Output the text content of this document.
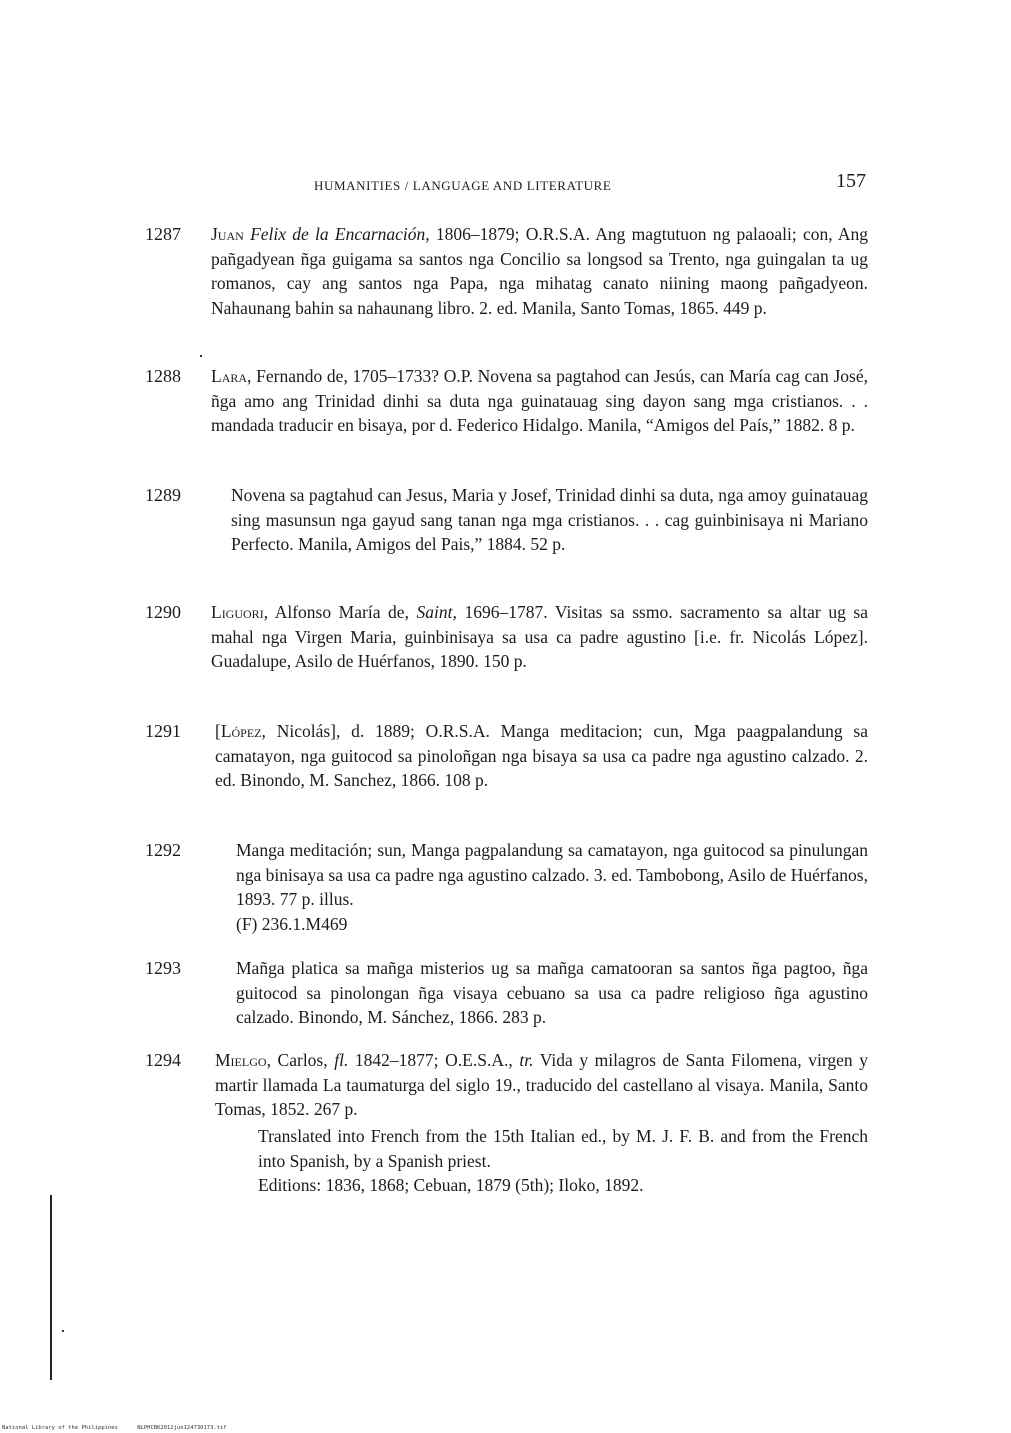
HUMANITIES / LANGUAGE AND LITERATURE	157
1287 Juan Felix de la Encarnación, 1806–1879; O.R.S.A. Ang magtutuon ng palaoali; con, Ang pañgadyean ñga guigama sa santos nga Concilio sa longsod sa Trento, nga guingalan ta ug romanos, cay ang santos nga Papa, nga mihatag canato niining maong pañgadyeon. Nahaunang bahin sa nahaunang libro. 2. ed. Manila, Santo Tomas, 1865. 449 p.
1288 Lara, Fernando de, 1705–1733? O.P. Novena sa pagtahod can Jesús, can María cag can José, ñga amo ang Trinidad dinhi sa duta nga guinatauag sing dayon sang mga cristianos. . . mandada traducir en bisaya, por d. Federico Hidalgo. Manila, “Amigos del País,” 1882. 8 p.
1289	Novena sa pagtahud can Jesus, Maria y Josef, Trinidad dinhi sa duta, nga amoy guinatauag sing masunsun nga gayud sang tanan nga mga cristianos. . . cag guinbinisaya ni Mariano Perfecto. Manila, Amigos del Pais,” 1884. 52 p.
1290 Liguori, Alfonso María de, Saint, 1696–1787. Visitas sa ssmo. sacramento sa altar ug sa mahal nga Virgen Maria, guinbinisaya sa usa ca padre agustino [i.e. fr. Nicolás López]. Guadalupe, Asilo de Huérfanos, 1890. 150 p.
1291 [López, Nicolás], d. 1889; O.R.S.A. Manga meditacion; cun, Mga paagpalandung sa camatayon, nga guitocod sa pinoloñgan nga bisaya sa usa ca padre nga agustino calzado. 2. ed. Binondo, M. Sanchez, 1866. 108 p.
1292	Manga meditación; sun, Manga pagpalandung sa camatayon, nga guitocod sa pinulungan nga binisaya sa usa ca padre nga agustino calzado. 3. ed. Tambobong, Asilo de Huérfanos, 1893. 77 p. illus.
(F) 236.1.M469
1293	Mañga platica sa mañga misterios ug sa mañga camatooran sa santos ñga pagtoo, ñga guitocod sa pinolongan ñga visaya cebuano sa usa ca padre religioso ñga agustino calzado. Binondo, M. Sánchez, 1866. 283 p.
1294 Mielgo, Carlos, fl. 1842–1877; O.E.S.A., tr. Vida y milagros de Santa Filomena, virgen y martir llamada La taumaturga del siglo 19., traducido del castellano al visaya. Manila, Santo Tomas, 1852. 267 p.
Translated into French from the 15th Italian ed., by M. J. F. B. and from the French into Spanish, by a Spanish priest.
Editions: 1836, 1868; Cebuan, 1879 (5th); Iloko, 1892.
National Library of the Philippines	NLPHCBK2012jun124730173.tif
